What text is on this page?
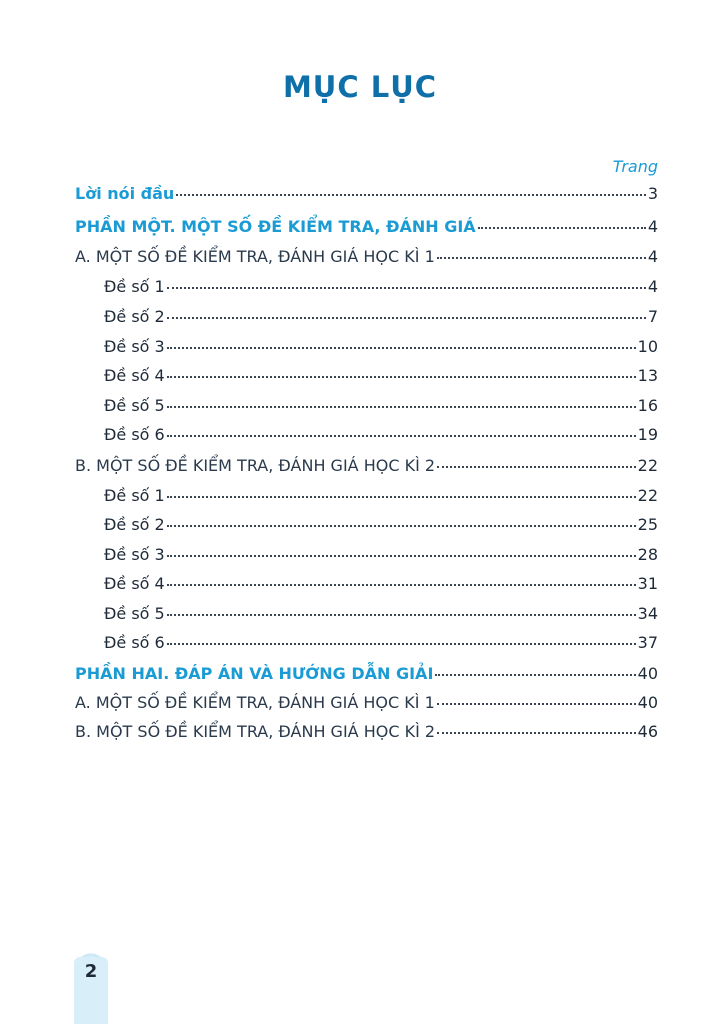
MỤC LỤC
Trang
Lời nói đầu	3
PHẦN MỘT. MỘT SỐ ĐỀ KIỂM TRA, ĐÁNH GIÁ	4
A. MỘT SỐ ĐỀ KIỂM TRA, ĐÁNH GIÁ HỌC KÌ 1	4
Đề số 1	4
Đề số 2	7
Đề số 3	10
Đề số 4	13
Đề số 5	16
Đề số 6	19
B. MỘT SỐ ĐỀ KIỂM TRA, ĐÁNH GIÁ HỌC KÌ 2	22
Đề số 1	22
Đề số 2	25
Đề số 3	28
Đề số 4	31
Đề số 5	34
Đề số 6	37
PHẦN HAI. ĐÁP ÁN VÀ HƯỚNG DẪN GIẢI	40
A. MỘT SỐ ĐỀ KIỂM TRA, ĐÁNH GIÁ HỌC KÌ 1	40
B. MỘT SỐ ĐỀ KIỂM TRA, ĐÁNH GIÁ HỌC KÌ 2	46
2
